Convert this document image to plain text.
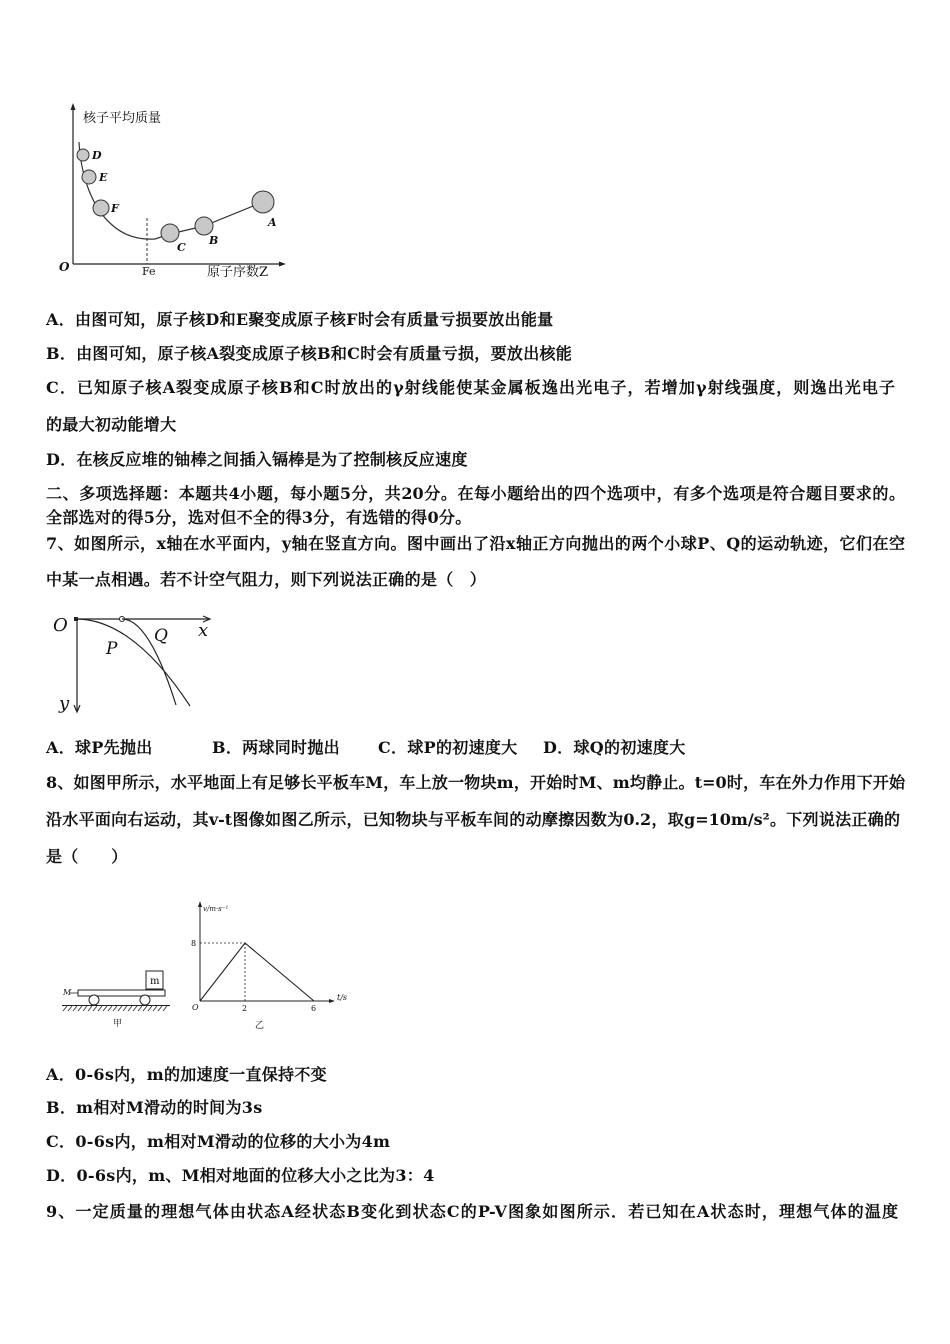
核子平均质量
O	Fe	原子序数Z
D
E
F
C
B
A
A．由图可知，原子核D和E聚变成原子核F时会有质量亏损要放出能量
B．由图可知，原子核A裂变成原子核B和C时会有质量亏损，要放出核能
C．已知原子核A裂变成原子核B和C时放出的γ射线能使某金属板逸出光电子，若增加γ射线强度，则逸出光电子
的最大初动能增大
D．在核反应堆的铀棒之间插入镉棒是为了控制核反应速度
二、多项选择题：本题共4小题，每小题5分，共20分。在每小题给出的四个选项中，有多个选项是符合题目要求的。
全部选对的得5分，选对但不全的得3分，有选错的得0分。
7、如图所示，x轴在水平面内，y轴在竖直方向。图中画出了沿x轴正方向抛出的两个小球P、Q的运动轨迹，它们在空
中某一点相遇。若不计空气阻力，则下列说法正确的是（　）
O	x
y
P
Q
A．球P先抛出	B．两球同时抛出 C．球P的初速度大 D．球Q的初速度大
8、如图甲所示，水平地面上有足够长平板车M，车上放一物块m，开始时M、m均静止。t=0时，车在外力作用下开始
沿水平面向右运动，其v-t图像如图乙所示，已知物块与平板车间的动摩擦因数为0.2，取g=10m/s²。下列说法正确的
是（　　）
M
m
甲
v/m·s⁻¹
t/s
8
O	2	6
乙
A．0-6s内，m的加速度一直保持不变
B．m相对M滑动的时间为3s
C．0-6s内，m相对M滑动的位移的大小为4m
D．0-6s内，m、M相对地面的位移大小之比为3：4
9、一定质量的理想气体由状态A经状态B变化到状态C的P-V图象如图所示．若已知在A状态时，理想气体的温度
